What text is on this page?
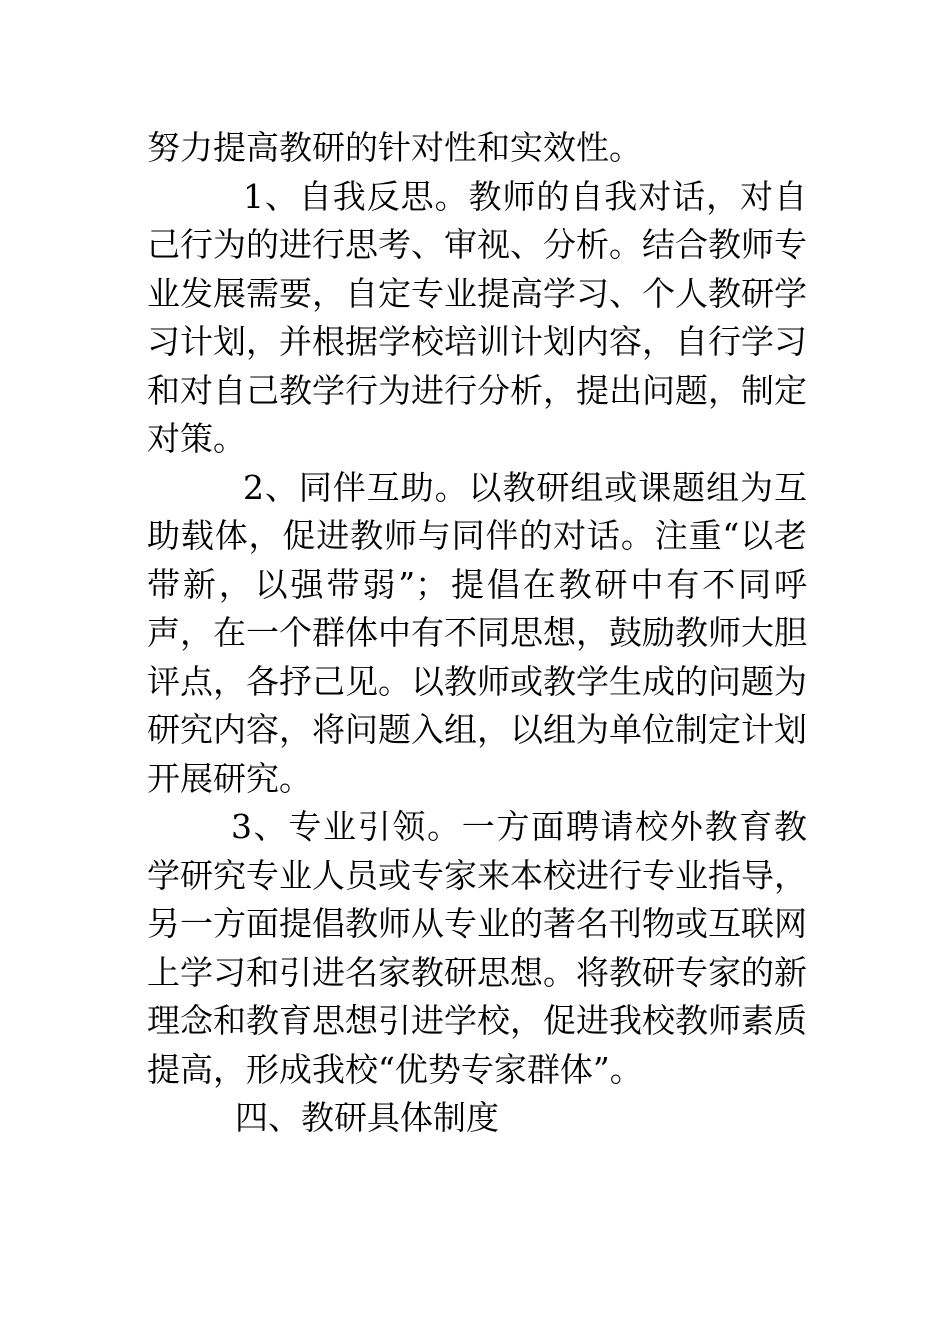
努力提高教研的针对性和实效性。

1、自我反思。教师的自我对话，对自己行为的进行思考、审视、分析。结合教师专业发展需要，自定专业提高学习、个人教研学习计划，并根据学校培训计划内容，自行学习和对自己教学行为进行分析，提出问题，制定对策。

2、同伴互助。以教研组或课题组为互助载体，促进教师与同伴的对话。注重“以老带新，以强带弱”；提倡在教研中有不同呼声，在一个群体中有不同思想，鼓励教师大胆评点，各抒己见。以教师或教学生成的问题为研究内容，将问题入组，以组为单位制定计划开展研究。

3、专业引领。一方面聘请校外教育教学研究专业人员或专家来本校进行专业指导，另一方面提倡教师从专业的著名刊物或互联网上学习和引进名家教研思想。将教研专家的新理念和教育思想引进学校，促进我校教师素质提高，形成我校“优势专家群体”。

四、教研具体制度
